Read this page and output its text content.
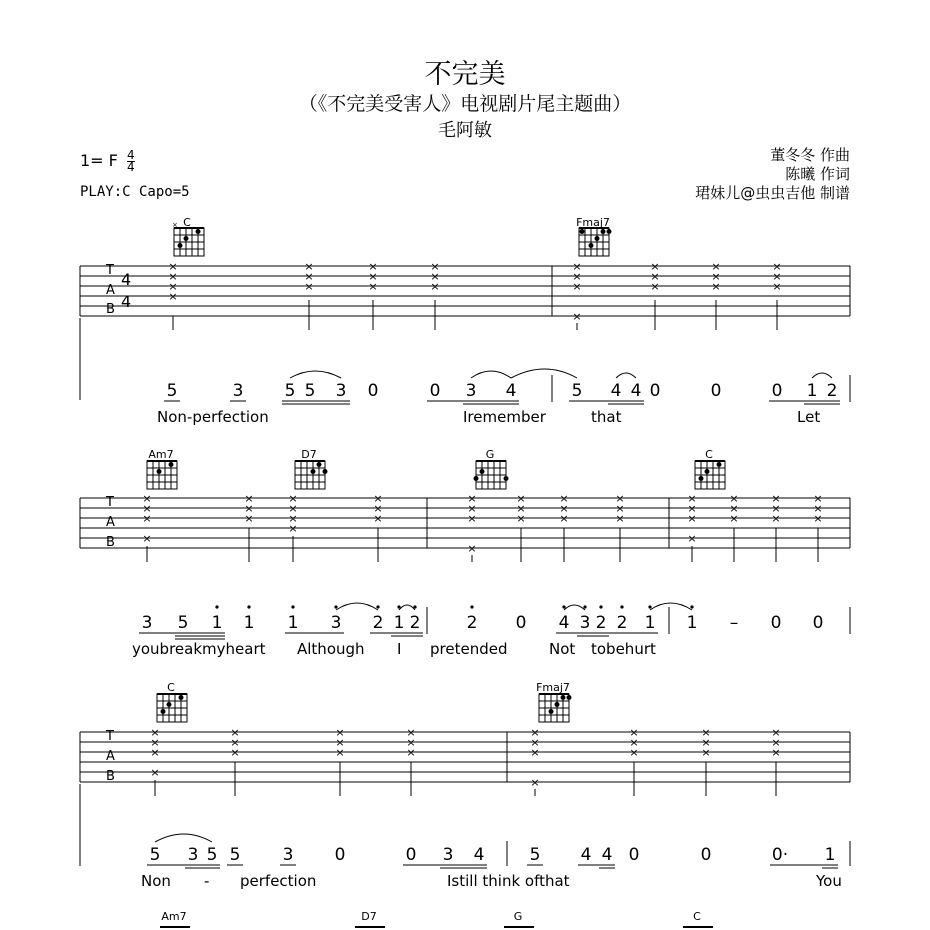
不完美
（《不完美受害人》电视剧片尾主题曲）
毛阿敏
董冬冬 作曲
陈曦 作词
珺妹儿@虫虫吉他 制谱
1= F $\frac{4}{4}$
PLAY:C Capo=5
C
×	Fmaj7
T
A
B
4
4
×
×
×
×
×
×
×
×
×
×
×
×
×
×
×
×
×
×
×
×
×
×
×
×
×
×
5	3 5 5 3 0	0 3 4	5 4 4 0	0	0 1 2
Non-perfection	Iremember	that	Let
Am7	D7	G	C
T
A
B
×
×
×
×
×
×
×
×
×
×
×
×
×
×
×
×
×
×
×
×
×
×
×
×
×
×
×
×
×
×
×
×
×
×
×
×
×
×
×
×
3 5 1 1 1 3 2 1 2	2 0 4 3 2 2 1 1 – 0 0
youbreakmyheart Although I pretended	Not tobehurt
C	Fmaj7
T
A
B
×
×
×
×
×
×
×
×
×
×
×
×
×
×
×
×
×
×
×
×
×
×
×
×
×
×
5 3 5 5 3 0	0 3 4	5 4 4 0	0	0· 1
Non - perfection	Istill think ofthat	You
Am7	D7	G	C
